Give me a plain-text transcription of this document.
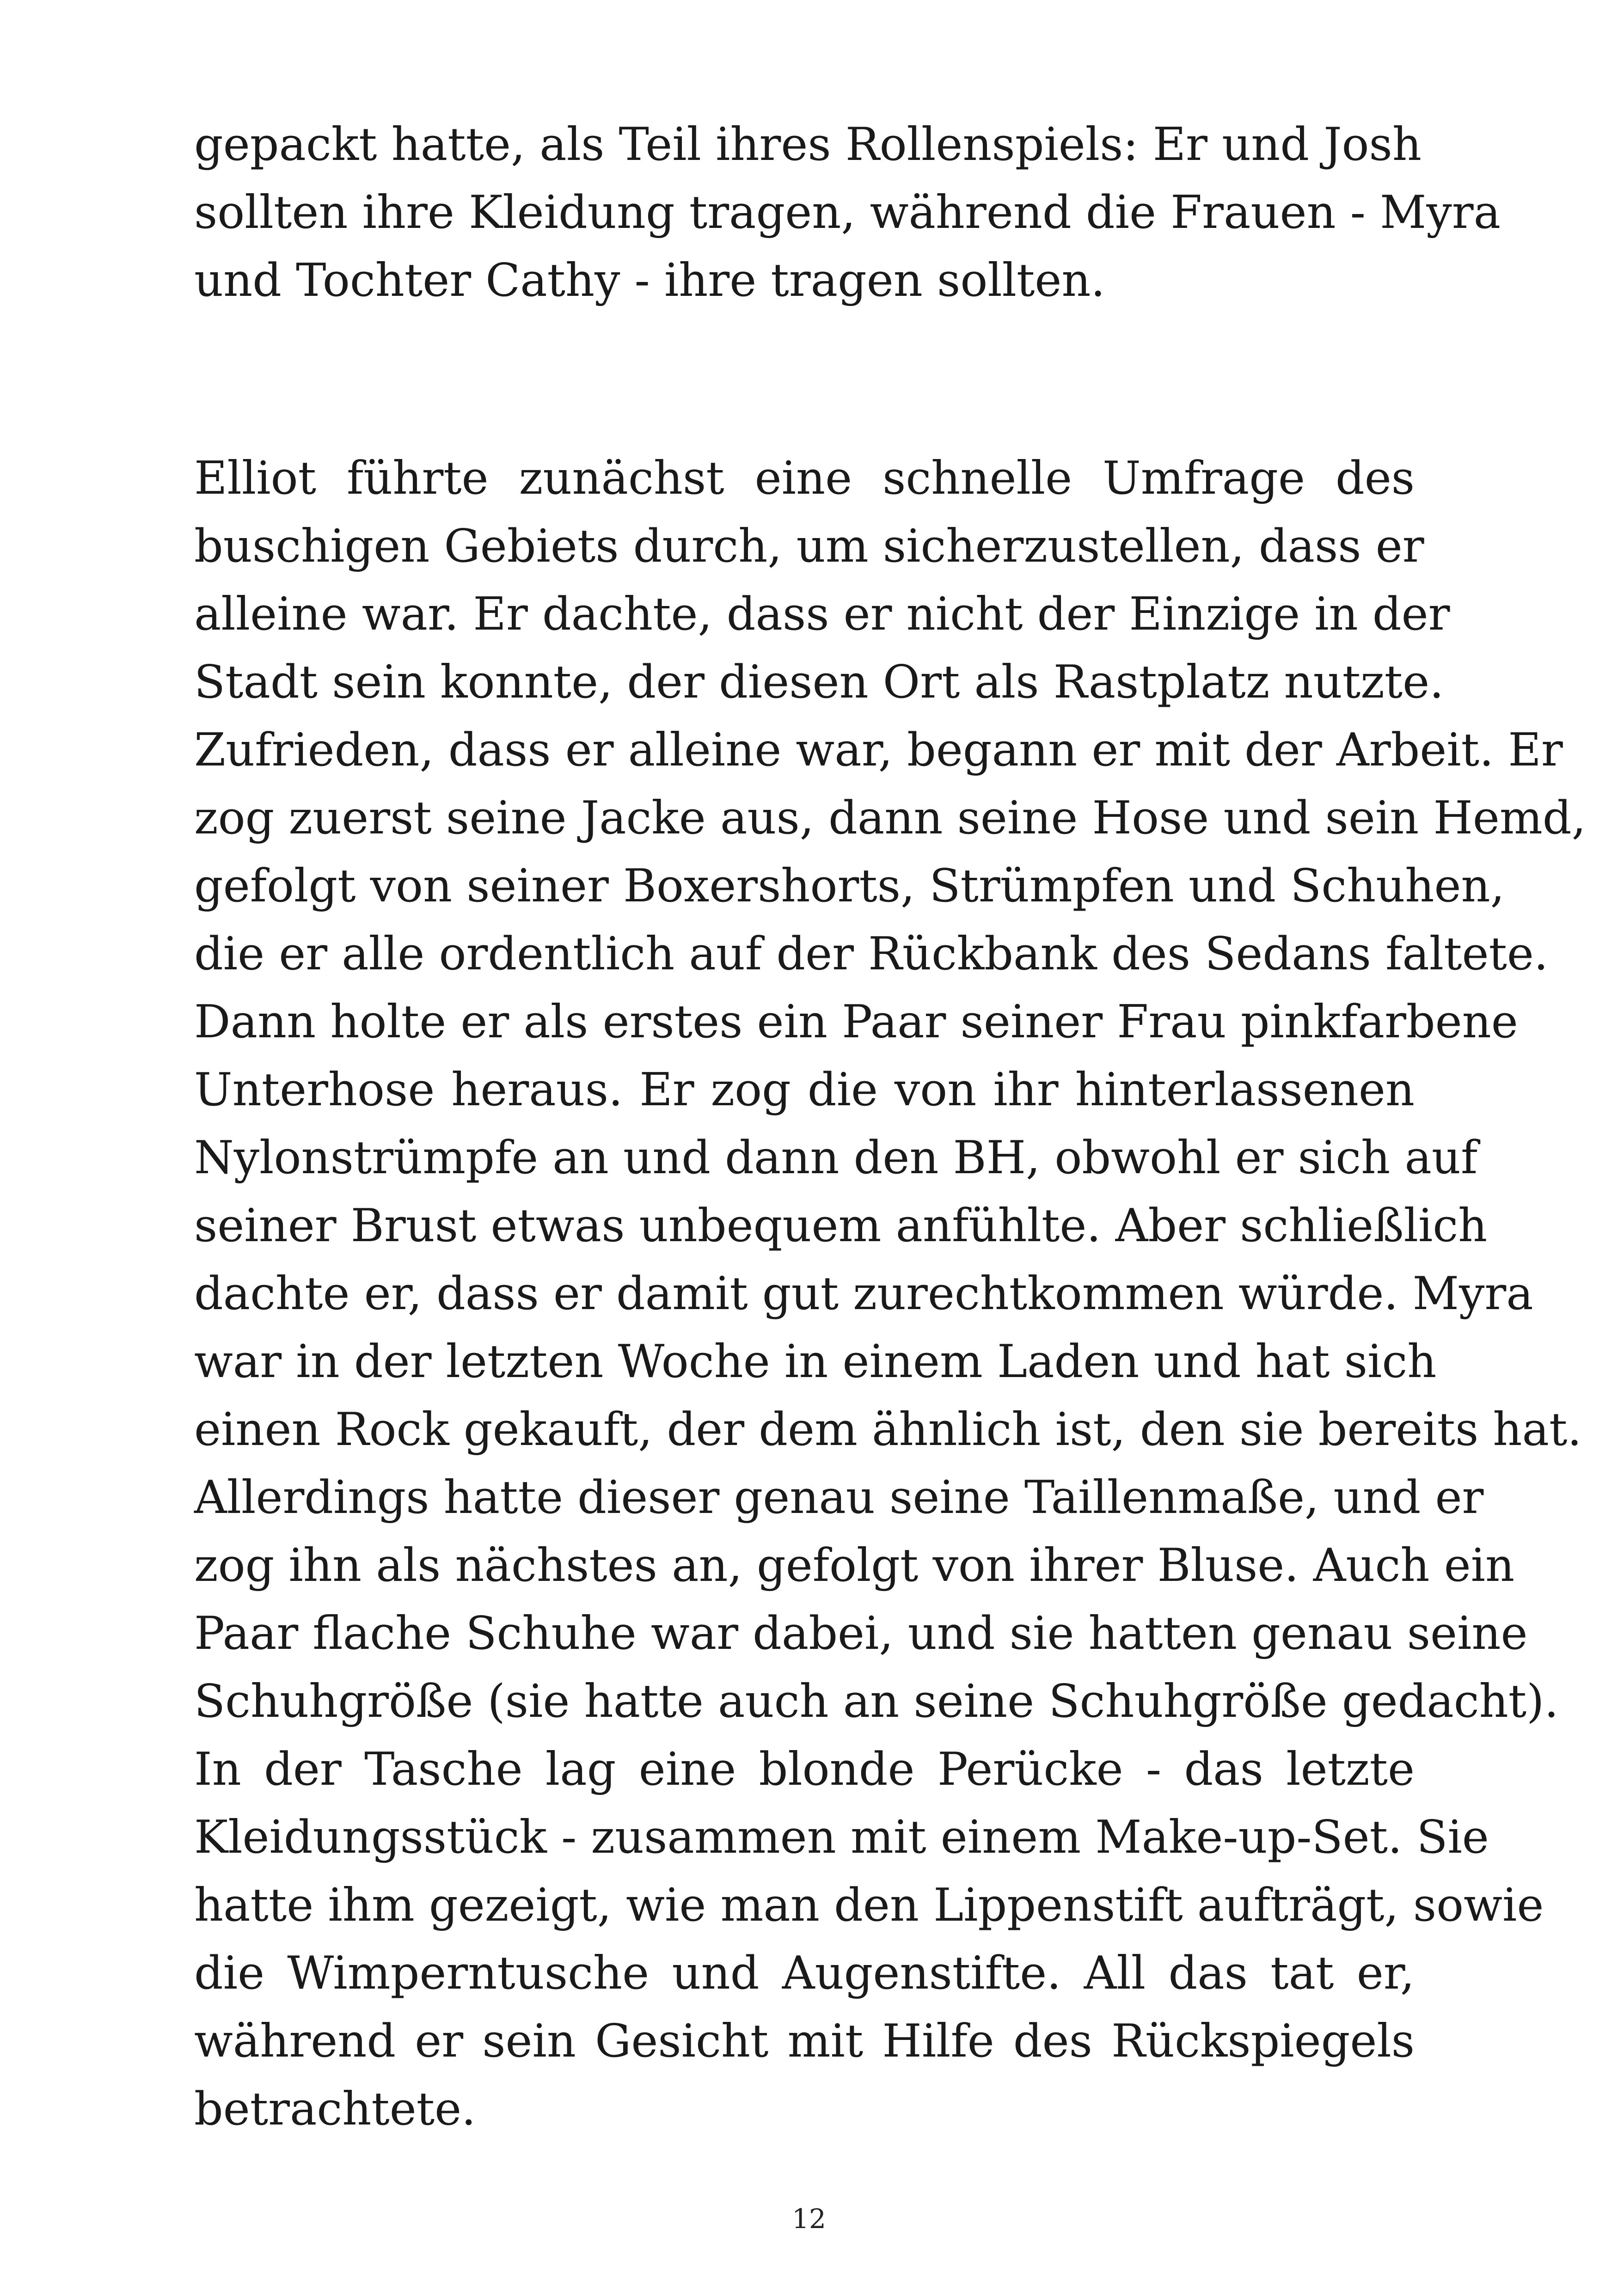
gepackt hatte, als Teil ihres Rollenspiels: Er und Josh
sollten ihre Kleidung tragen, während die Frauen - Myra
und Tochter Cathy - ihre tragen sollten.
Elliot führte zunächst eine schnelle Umfrage des
buschigen Gebiets durch, um sicherzustellen, dass er
alleine war. Er dachte, dass er nicht der Einzige in der
Stadt sein konnte, der diesen Ort als Rastplatz nutzte.
Zufrieden, dass er alleine war, begann er mit der Arbeit. Er
zog zuerst seine Jacke aus, dann seine Hose und sein Hemd,
gefolgt von seiner Boxershorts, Strümpfen und Schuhen,
die er alle ordentlich auf der Rückbank des Sedans faltete.
Dann holte er als erstes ein Paar seiner Frau pinkfarbene
Unterhose heraus. Er zog die von ihr hinterlassenen
Nylonstrümpfe an und dann den BH, obwohl er sich auf
seiner Brust etwas unbequem anfühlte. Aber schließlich
dachte er, dass er damit gut zurechtkommen würde. Myra
war in der letzten Woche in einem Laden und hat sich
einen Rock gekauft, der dem ähnlich ist, den sie bereits hat.
Allerdings hatte dieser genau seine Taillenmaße, und er
zog ihn als nächstes an, gefolgt von ihrer Bluse. Auch ein
Paar flache Schuhe war dabei, und sie hatten genau seine
Schuhgröße (sie hatte auch an seine Schuhgröße gedacht).
In der Tasche lag eine blonde Perücke - das letzte
Kleidungsstück - zusammen mit einem Make-up-Set. Sie
hatte ihm gezeigt, wie man den Lippenstift aufträgt, sowie
die Wimperntusche und Augenstifte. All das tat er,
während er sein Gesicht mit Hilfe des Rückspiegels
betrachtete.
12
